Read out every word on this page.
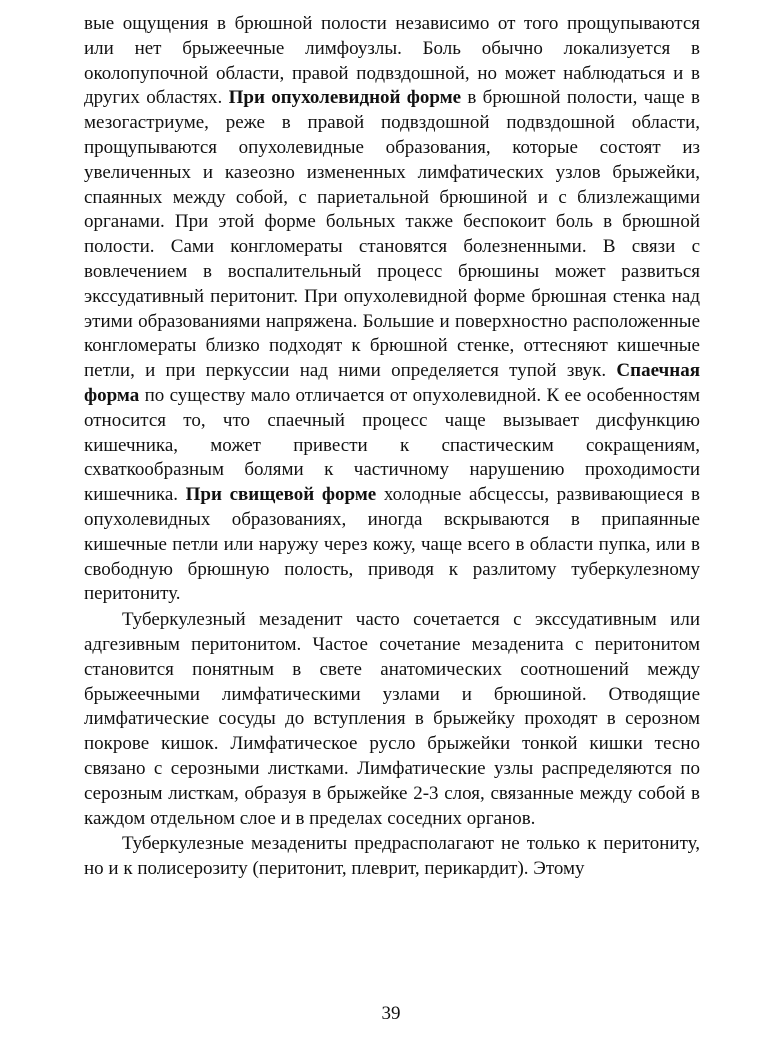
вые ощущения в брюшной полости независимо от того прощупываются или нет брыжеечные лимфоузлы. Боль обычно локализуется в околопупочной области, правой подвздошной, но может наблюдаться и в других областях. При опухолевидной форме в брюшной полости, чаще в мезогастриуме, реже в правой подвздошной подвздошной области, прощупываются опухолевидные образования, которые состоят из увеличенных и казеозно измененных лимфатических узлов брыжейки, спаянных между собой, с париетальной брюшиной и с близлежащими органами. При этой форме больных также беспокоит боль в брюшной полости. Сами конгломераты становятся болезненными. В связи с вовлечением в воспалительный процесс брюшины может развиться экссудативный перитонит. При опухолевидной форме брюшная стенка над этими образованиями напряжена. Большие и поверхностно расположенные конгломераты близко подходят к брюшной стенке, оттесняют кишечные петли, и при перкуссии над ними определяется тупой звук. Спаечная форма по существу мало отличается от опухолевидной. К ее особенностям относится то, что спаечный процесс чаще вызывает дисфункцию кишечника, может привести к спастическим сокращениям, схваткообразным болями к частичному нарушению проходимости кишечника. При свищевой форме холодные абсцессы, развивающиеся в опухолевидных образованиях, иногда вскрываются в припаянные кишечные петли или наружу через кожу, чаще всего в области пупка, или в свободную брюшную полость, приводя к разлитому туберкулезному перитониту.

Туберкулезный мезаденит часто сочетается с экссудативным или адгезивным перитонитом. Частое сочетание мезаденита с перитонитом становится понятным в свете анатомических соотношений между брыжеечными лимфатическими узлами и брюшиной. Отводящие лимфатические сосуды до вступления в брыжейку проходят в серозном покрове кишок. Лимфатическое русло брыжейки тонкой кишки тесно связано с серозными листками. Лимфатические узлы распределяются по серозным листкам, образуя в брыжейке 2-3 слоя, связанные между собой в каждом отдельном слое и в пределах соседних органов.

Туберкулезные мезадениты предрасполагают не только к перитониту, но и к полисерозиту (перитонит, плеврит, перикардит). Этому

39
